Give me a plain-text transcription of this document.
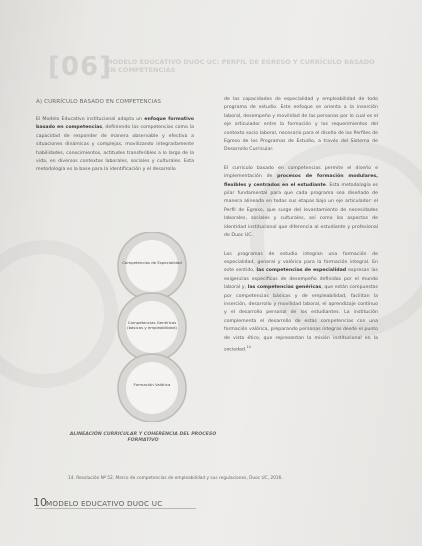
[06]
MODELO EDUCATIVO DUOC UC: PERFIL DE EGRESO Y CURRÍCULO BASADO EN COMPETENCIAS
A) CURRÍCULO BASADO EN COMPETENCIAS

El Modelo Educativo institucional adopta un enfoque formativo basado en competencias, definiendo las competencias como la capacidad de responder de manera observable y efectiva a situaciones dinámicas y complejas, movilizando integradamente habilidades, conocimientos, actitudes transferibles a lo largo de la vida, en diversos contextos laborales, sociales y culturales. Esta metodología es la base para la identificación y el desarrollo

Competencias de Especialidad
Competencias Genéricas (básicas y empleabilidad)
Formación Valórica
ALINEACIÓN CURRICULAR Y COHERENCIA DEL PROCESO FORMATIVO

de las capacidades de especialidad y empleabilidad de todo programa de estudio. Este enfoque se orienta a la inserción laboral, desempeño y movilidad de las personas por lo cual es el eje articulador entre la formación y los requerimientos del contexto socio laboral, necesario para el diseño de los Perfiles de Egreso de los Programas de Estudio, a través del Sistema de Desarrollo Curricular.

El currículo basado en competencias permite el diseño e implementación de procesos de formación modulares, flexibles y centrados en el estudiante. Esta metodología es pilar fundamental para que cada programa sea diseñado de manera alineada en todas sus etapas bajo un eje articulador: el Perfil de Egreso, que surge del levantamiento de necesidades laborales, sociales y culturales, así como los aspectos de identidad institucional que diferencia al estudiante y profesional de Duoc UC.

Los programas de estudio integran una formación de especialidad, general y valórica para la formación integral. En este sentido, las competencias de especialidad expresan las exigencias específicas de desempeño definidas por el mundo laboral y, las competencias genéricas, que están compuestas por competencias básicas y de empleabilidad, facilitan la inserción, desarrollo y movilidad laboral, el aprendizaje continuo y el desarrollo personal de los estudiantes. La institución complementa el desarrollo de estas competencias con una formación valórica, preparando personas íntegras desde el punto de vista ético, que representan la misión institucional en la sociedad.$^{14}$

14. Resolución Nº 52, Marco de competencias de empleabilidad y sus regulaciones, Duoc UC, 2016.
10 MODELO EDUCATIVO DUOC UC
